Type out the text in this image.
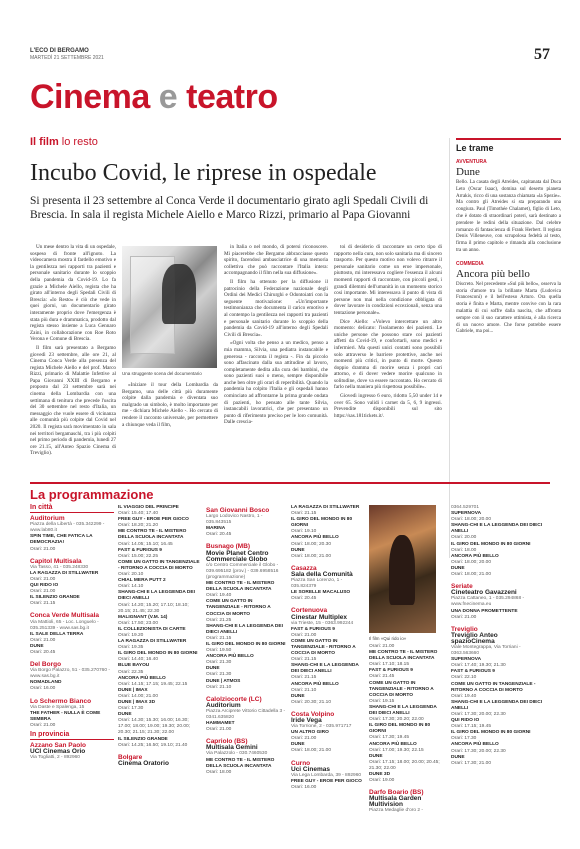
L'ECO DI BERGAMO
MARTEDÌ 21 SETTEMBRE 2021	57
Cinema e teatro
Il film lo resto
Incubo Covid, le riprese in ospedale
Si presenta il 23 settembre al Conca Verde il documentario girato agli Spedali Civili di Brescia. In sala il regista Michele Aiello e Marco Rizzi, primario al Papa Giovanni

Un mese dentro la vita di un ospedale, sospeso di fronte all'ignoto. La videocamera mostra il fardello emotivo e la gentilezza nei rapporti tra pazienti e personale sanitario durante lo scoppio della pandemia da Covid-19. Lo fa grazie a Michele Aiello, regista che ha girato all'interno degli Spedali Civili di Brescia: «Io Resto» è ciò che vede in quei giorni, un documentario girato interamente proprio dove l'emergenza è stata più dura e drammatica, prodotto dal regista stesso insieme a Luca Gennaro Zaini, in collaborazione con Roe Roto Verona e Comune di Brescia.

Il film sarà presentato a Bergamo giovedì 23 settembre, alle ore 21, al Cinema Conca Verde alla presenza del regista Michele Aiello e del prof. Marco Rizzi, primario di Malattie Infettive al Papa Giovanni XXIII di Bergamo e proposto dal 23 settembre sarà nei cinema della Lombardia con una settimana di tenitura che precede l'uscita del 30 settembre nel resto d'Italia, un messaggio che vuole essere di vicinanza alle comunità più colpite dal Covid nel 2020. Il regista sarà movimentato in sala nei territori bergamaschi, tra i più colpiti nel primo periodo di pandemia, lunedì 27 ore 21.15, all'Anteo Spazio Cinema di Treviglio).

Una struggente scena del documentario

«Iniziare il tour della Lombardia da Bergamo, una delle città più duramente colpite dalla pandemia e diventata suo malgrado un simbolo, è molto importante per me - dichiara Michele Aiello -. Ho cercato di rendere il racconto universale, per permettere a chiunque veda il film,

in Italia o nel mondo, di potersi riconoscere. Mi piacerebbe che Bergamo abbracciasse questo spirito, facendosi ambasciatrice di una memoria collettiva che può raccontare l'Italia intera: accompagnando il film nella sua diffusione».

Il film ha ottenuto per la diffusione il patrocinio della Federazione nazionale degli Ordini dei Medici Chirurghi e Odontoiatri con la seguente motivazione: «Un'importante testimonianza che documenta il carico emotivo e al contempo la gentilezza nei rapporti tra pazienti e personale sanitario durante lo scoppio della pandemia da Covid-19 all'interno degli Spedali Civili di Brescia».

«Ogni volta che penso a un medico, penso a mia mamma, Silvia, una pediatra instancabile e generosa - racconta il regista -. Fin da piccolo sono affascinato dalla sua attitudine al lavoro, completamente dedita alla cura dei bambini, che sono pazienti suoi o meno, sempre disponibile anche ben oltre gli orari di reperibilità. Quando la pandemia ha colpito l'Italia e gli ospedali hanno cominciato ad affrontarne la prima grande ondata di pazienti, ho pensato alle tante Silvia, instancabili lavoratrici, che per presentano un punto di riferimento preciso per le loro comunità. Dalle crescia-

toi di desiderio di raccontare un certo tipo di rapporto nella cura, non solo sanitaria ma di sincero trasporto. Per questo motivo non volevo ritrarre il personale sanitario come un eroe impersonale, piuttosto, mi interessava cogliere l'essenza il alcuni momenti rapporti di raccontare, con piccoli gesti, i grandi dilemmi dell'umanità in un momento storico così importante. Mi interessava il punto di vista di persone non mai nella condizione obbligata di dover lavorare in condizioni eccezionali, senza una tentazione personale».

Dice Aiello: «Volevo intercettare un altro momento: delicato: l'isolamento dei pazienti. Le uniche persone che possono stare coi pazienti affetti da Covid-19, e confortarli, sono medici e infermieri. Ma questi unici contatti sono possibili solo attraverso le barriere protettive, anche nei momenti più critici, in punto di morte. Questo doppio dramma di morire senza i propri cari attorno, e di dover vedere morire qualcuno in solitudine, dove va essere raccontato. Ho cercato di farlo nella maniera più rispettosa possibile».

Giovedì ingresso 6 euro, ridotto 5,50 under 14 e over 65. Sono validi i carnet da 5, 6, 9 ingressi. Prevendite disponibili sul sito https://sas.181tickets.it/.

Le trame
AVVENTURA
Dune
Bello. La casata degli Atreides, capitanata dal Duca Leto (Oscar Isaac), domina sul deserto pianeta Arrakis, ricco di una sostanza chiamata «la Spezie». Ma contro gli Atreides si sta preparando una congiura. Paul (Timothée Chalamet), figlio di Leto, che è dotato di straordinari poteri, sarà destinato a prendere le redini della situazione. Dal celebre romanzo di fantascienza di Frank Herbert. Il regista Denis Villeneuve, con scrupolosa fedeltà al testo, firma il primo capitolo e rimanda alla conclusione tra un anno.
COMMEDIA
Ancora più bello
Discreto. Nel precedente «Sul più bello», osserva la storia d'amore tra la brillante Marta (Ludovica Francesconi) e il bell'esteso Arturo. Ora quella storia è finita e Marta, mentre convive con la rara malattia di cui soffre dalla nascita, che affronta sempre con il suo carattere ottimista, è alla ricerca di un nuovo amore. Che forse potrebbe essere Gabriele, ma poi...
La programmazione
In città
Auditorium
Piazza della Libertà - 035.342299 - www.lab80.it
SPIN TIME, CHE FATICA LA DEMOCRAZIA!
Orari: 21.00
Capitol Multisala
Via Tasso, 41 - 035.248330
LA RAGAZZA DI STILLWATER
Orari: 21.00
QUI RIDO IO
Orari: 21.00
IL SILENZIO GRANDE
Orari: 21.15
Conca Verde Multisala
Via Mattioli, 65 - Loc. Longuelo - 035.251339 - www.sas.bg.it
IL SALE DELLA TERRA
Orari: 21.00
DUNE
Orari: 20.45
Del Borgo
Via Borgo Palazzo, 51 - 035.270760 - www.sas.bg.it
NOMADLAND
Orari: 16.00
Lo Schermo Bianco
Via Daste e Spalenga, 15
THE FATHER - NULLA È COME SEMBRA
Orari: 21.00
In provincia
Azzano San Paolo
UCI Cinemas Orio
Via Togliatti, 2 - 892960
IL VIAGGIO DEL PRINCIPE
Orari: 15.40; 17.40
FREE GUY - EROE PER GIOCO
Orari: 18.20; 21.20
ME CONTRO TE - IL MISTERO DELLA SCUOLA INCANTATA
Orari: 14.05; 15.10; 16.45
FAST & FURIOUS 9
Orari: 15.00; 22.25
COME UN GATTO IN TANGENZIALE - RITORNO A COCCIA DI MORTO
Orari: 20.10
CHIAL MERA PUTT 2
Orari: 14.10
SHANG-CHI E LA LEGGENDA DEI DIECI ANELLI
Orari: 14.20; 15.20; 17.10; 18.10; 20.15; 21.45; 22.30
MALIGNANT (V.M. 14)
Orari: 17.50; 23.00
IL COLLEZIONISTA DI CARTE
Orari: 19.20
LA RAGAZZA DI STILLWATER
Orari: 19.35
IL GIRO DEL MONDO IN 80 GIORNI
Orari: 14.40; 16.40
BLUE BAYOU
Orari: 22.35
ANCORA PIÙ BELLO
Orari: 14.15; 17.15; 19.45; 22.15
DUNE | IMAX
Orari: 14.00; 21.00
DUNE | IMAX 3D
Orari: 17.30
DUNE
Orari: 14.30; 15.30; 16.00; 16.30; 17.00; 18.00; 19.00; 19.30; 20.00; 20.30; 21.15; 21.30; 22.00
IL SILENZIO GRANDE
Orari: 14.25; 16.50; 19.10; 21.40
Bolgare
Cinema Oratorio
San Giovanni Bosco
Largo Lodovico Nastro, 1 - 035.843515
MARINA
Orari: 20.45
Busnago (MB)
Movie Planet Centro Commerciale Globo
c/o Centro Commerciale il Globo - 039.695182 (prov.) - 039.6958516 (programmazione)
ME CONTRO TE - IL MISTERO DELLA SCUOLA INCANTATA
Orari: 19.40
COME UN GATTO IN TANGENZIALE - RITORNO A COCCIA DI MORTO
Orari: 21.25
SHANG-CHI E LA LEGGENDA DEI DIECI ANELLI
Orari: 21.15
IL GIRO DEL MONDO IN 80 GIORNI
Orari: 19.50
ANCORA PIÙ BELLO
Orari: 21.30
DUNE
Orari: 21.30
DUNE | ATMOS
Orari: 21.10
Calolziocorte (LC)
Auditorium
Piazza Arciprete Vittorio Cittadella 3 - 0341.635820
HAMMAMET
Orari: 21.00
Capriolo (BS)
Multisala Gemini
Via Palazzolo - 030.7460530
ME CONTRO TE - IL MISTERO DELLA SCUOLA INCANTATA
Orari: 18.00
LA RAGAZZA DI STILLWATER
Orari: 21.15
IL GIRO DEL MONDO IN 80 GIORNI
Orari: 19.10
ANCORA PIÙ BELLO
Orari: 18.00; 20.30
DUNE
Orari: 18.00; 21.00
Casazza
Sala della Comunità
Piazza San Lorenzo, 1 - 035.824379
LE SORELLE MACALUSO
Orari: 20.45
Cortenuova
Cinestar Multiplex
via Trieste, 15 - 0363.992244
FAST & FURIOUS 9
Orari: 21.00
COME UN GATTO IN TANGENZIALE - RITORNO A COCCIA DI MORTO
Orari: 21.15
SHANG-CHI E LA LEGGENDA DEI DIECI ANELLI
Orari: 21.15
ANCORA PIÙ BELLO
Orari: 21.10
DUNE
Orari: 20.30; 21.10
Costa Volpino
Iride Vega
Via Torrione, 2 - 035.971717
UN ALTRO GIRO
Orari: 21.00
DUNE
Orari: 18.00; 21.00
Curno
Uci Cinemas
Via Lega Lombarda, 39 - 892960
FREE GUY - EROE PER GIOCO
Orari: 16.00
Il film «Qui rido io»
Orari: 21.00
ME CONTRO TE - IL MISTERO DELLA SCUOLA INCANTATA
Orari: 17.10; 18.15
FAST & FURIOUS 9
Orari: 21.45
COME UN GATTO IN TANGENZIALE - RITORNO A COCCIA DI MORTO
Orari: 19.15
SHANG-CHI E LA LEGGENDA DEI DIECI ANELLI
Orari: 17.30; 20.20; 22.00
IL GIRO DEL MONDO IN 80 GIORNI
Orari: 17.30; 19.45
ANCORA PIÙ BELLO
Orari: 17.00; 19.30; 22.15
DUNE
Orari: 17.15; 18.00; 20.00; 20.45; 21.30; 22.00
DUNE 3D
Orari: 19.00
Darfo Boario (BS)
Multisala Garden Multivision
Piazza Medaglie d'oro 2 -
0364.529701
SUPERNOVA
Orari: 18.00; 20.00
SHANG-CHI E LA LEGGENDA DEI DIECI ANELLI
Orari: 20.00
IL GIRO DEL MONDO IN 80 GIORNI
Orari: 18.00
ANCORA PIÙ BELLO
Orari: 18.00; 20.00
DUNE
Orari: 18.00; 21.00
Seriate
Cineteatro Gavazzeni
Piazza Cattaneo, 1 - 035.294868 - www.fnecinema.eu
UNA DONNA PROMETTENTE
Orari: 21.00
Treviglio
Treviglio Anteo spazioCinema
Viale Montegrappa, Via Torriani - 0363.563660
SUPERNOVA
Orari: 17.40; 19.30; 21.30
FAST & FURIOUS 9
Orari: 22.10
COME UN GATTO IN TANGENZIALE - RITORNO A COCCIA DI MORTO
Orari: 19.40
SHANG-CHI E LA LEGGENDA DEI DIECI ANELLI
Orari: 17.30; 20.00; 22.30
QUI RIDO IO
Orari: 17.15; 19.45
IL GIRO DEL MONDO IN 80 GIORNI
Orari: 17.30
ANCORA PIÙ BELLO
Orari: 17.30; 20.00; 22.30
DUNE
Orari: 17.30; 21.00
